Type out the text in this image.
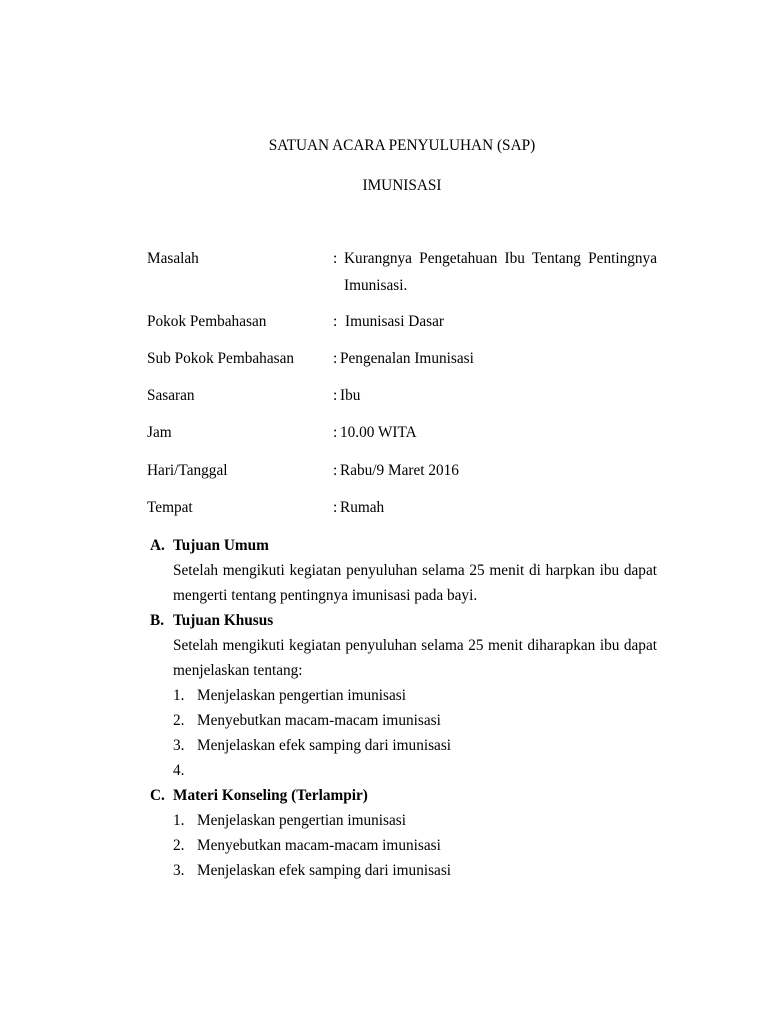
SATUAN ACARA PENYULUHAN (SAP)
IMUNISASI
Masalah	: Kurangnya Pengetahuan Ibu Tentang Pentingnya
Imunisasi.
Pokok Pembahasan	: Imunisasi Dasar
Sub Pokok Pembahasan	: Pengenalan Imunisasi
Sasaran	: Ibu
Jam	: 10.00 WITA
Hari/Tanggal	: Rabu/9 Maret 2016
Tempat	: Rumah
A. Tujuan Umum
Setelah mengikuti kegiatan penyuluhan selama 25 menit di harpkan ibu dapat
mengerti tentang pentingnya imunisasi pada bayi.
B. Tujuan Khusus
Setelah mengikuti kegiatan penyuluhan selama 25 menit diharapkan ibu dapat
menjelaskan tentang:
1. Menjelaskan pengertian imunisasi
2. Menyebutkan macam-macam imunisasi
3. Menjelaskan efek samping dari imunisasi
4.
C. Materi Konseling (Terlampir)
1. Menjelaskan pengertian imunisasi
2. Menyebutkan macam-macam imunisasi
3. Menjelaskan efek samping dari imunisasi
